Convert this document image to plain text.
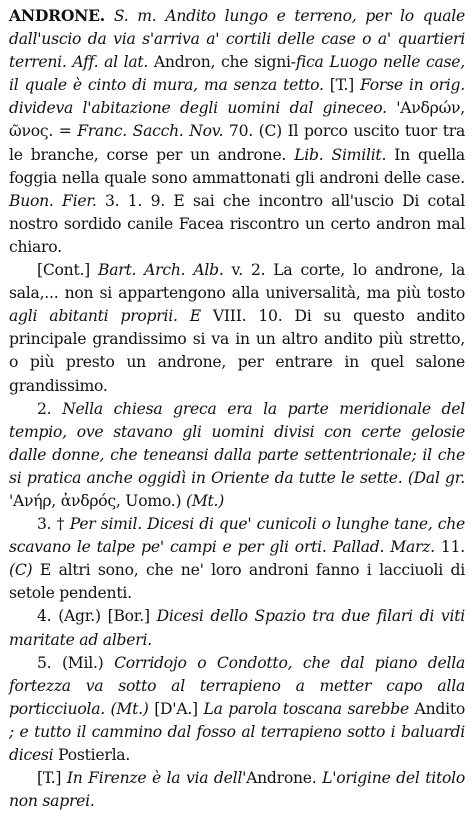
ANDRONE. S. m. Andito lungo e terreno, per lo quale dall'uscio da via s'arriva a' cortili delle case o a' quartieri terreni. Aff. al lat. Andron, che signi-fica Luogo nelle case, il quale è cinto di mura, ma senza tetto. [T.] Forse in orig. divideva l'abitazione degli uomini dal gineceo. 'Ανδρών, ῶνος. = Franc. Sacch. Nov. 70. (C) Il porco uscito tuor tra le branche, corse per un androne. Lib. Similit. In quella foggia nella quale sono ammattonati gli androni delle case. Buon. Fier. 3. 1. 9. E sai che incontro all'uscio Di cotal nostro sordido canile Facea riscontro un certo andron mal chiaro.

[Cont.] Bart. Arch. Alb. v. 2. La corte, lo androne, la sala,... non si appartengono alla universalità, ma più tosto agli abitanti proprii. E VIII. 10. Di su questo andito principale grandissimo si va in un altro andito più stretto, o più presto un androne, per entrare in quel salone grandissimo.

2. Nella chiesa greca era la parte meridionale del tempio, ove stavano gli uomini divisi con certe gelosie dalle donne, che teneansi dalla parte settentrionale; il che si pratica anche oggidì in Oriente da tutte le sette. (Dal gr. 'Ανήρ, ἀνδρός, Uomo.) (Mt.)

3. † Per simil. Dicesi di que' cunicoli o lunghe tane, che scavano le talpe pe' campi e per gli orti. Pallad. Marz. 11. (C) E altri sono, che ne' loro androni fanno i lacciuoli di setole pendenti.

4. (Agr.) [Bor.] Dicesi dello Spazio tra due filari di viti maritate ad alberi.

5. (Mil.) Corridojo o Condotto, che dal piano della fortezza va sotto al terrapieno a metter capo alla porticciuola. (Mt.) [D'A.] La parola toscana sarebbe Andito ; e tutto il cammino dal fosso al terrapieno sotto i baluardi dicesi Postierla.

[T.] In Firenze è la via dell'Androne. L'origine del titolo non saprei.
